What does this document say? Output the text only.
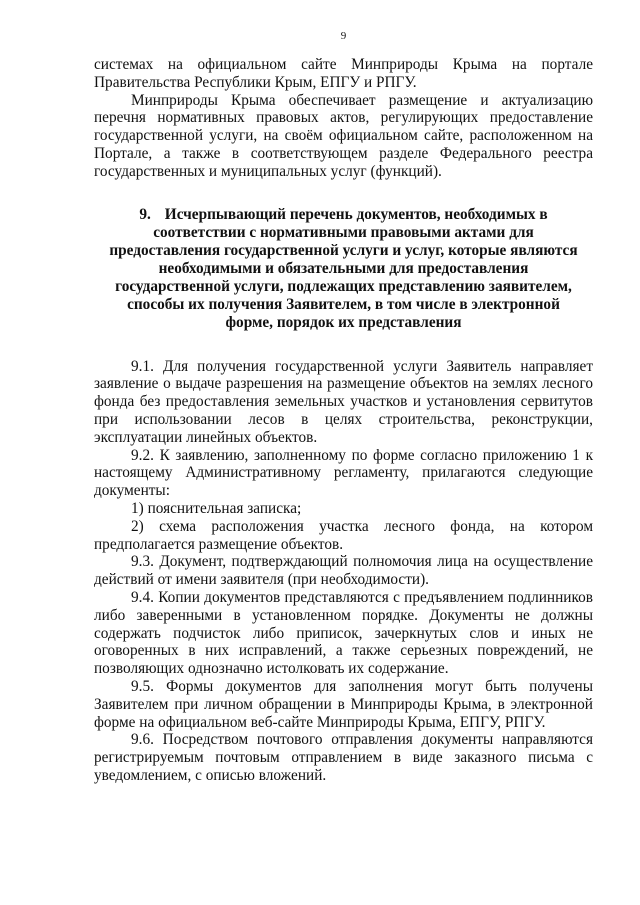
9

системах на официальном сайте Минприроды Крыма на портале Правительства Республики Крым, ЕПГУ и РПГУ.

Минприроды Крыма обеспечивает размещение и актуализацию перечня нормативных правовых актов, регулирующих предоставление государственной услуги, на своём официальном сайте, расположенном на Портале, а также в соответствующем разделе Федерального реестра государственных и муниципальных услуг (функций).

9. Исчерпывающий перечень документов, необходимых в соответствии с нормативными правовыми актами для предоставления государственной услуги и услуг, которые являются необходимыми и обязательными для предоставления государственной услуги, подлежащих представлению заявителем, способы их получения Заявителем, в том числе в электронной форме, порядок их представления

9.1. Для получения государственной услуги Заявитель направляет заявление о выдаче разрешения на размещение объектов на землях лесного фонда без предоставления земельных участков и установления сервитутов при использовании лесов в целях строительства, реконструкции, эксплуатации линейных объектов.

9.2. К заявлению, заполненному по форме согласно приложению 1 к настоящему Административному регламенту, прилагаются следующие документы:

1) пояснительная записка;

2) схема расположения участка лесного фонда, на котором предполагается размещение объектов.

9.3. Документ, подтверждающий полномочия лица на осуществление действий от имени заявителя (при необходимости).

9.4. Копии документов представляются с предъявлением подлинников либо заверенными в установленном порядке. Документы не должны содержать подчисток либо приписок, зачеркнутых слов и иных не оговоренных в них исправлений, а также серьезных повреждений, не позволяющих однозначно истолковать их содержание.

9.5. Формы документов для заполнения могут быть получены Заявителем при личном обращении в Минприроды Крыма, в электронной форме на официальном веб-сайте Минприроды Крыма, ЕПГУ, РПГУ.

9.6. Посредством почтового отправления документы направляются регистрируемым почтовым отправлением в виде заказного письма с уведомлением, с описью вложений.
